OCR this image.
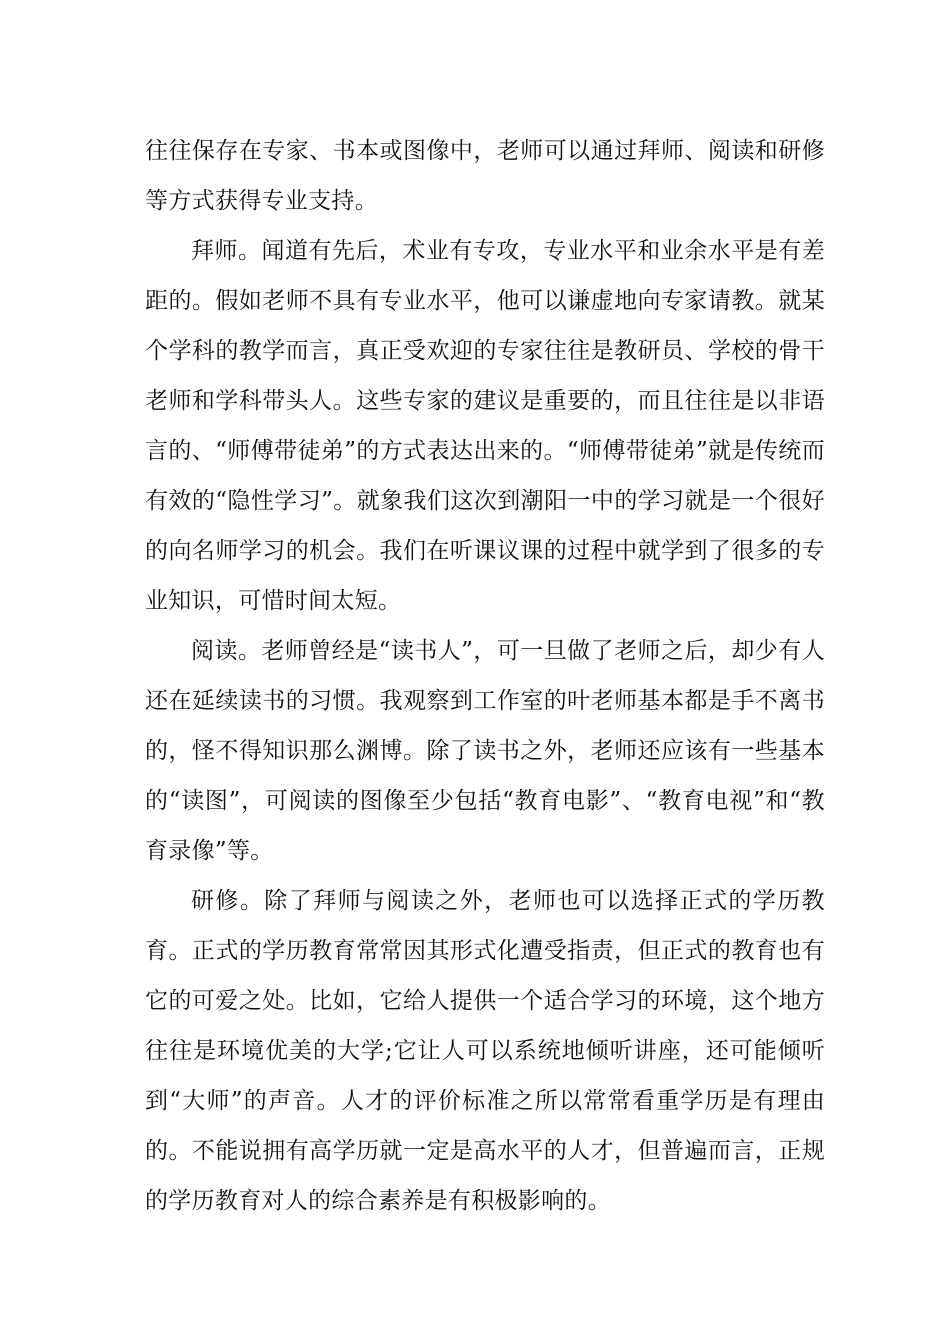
往往保存在专家、书本或图像中，老师可以通过拜师、阅读和研修等方式获得专业支持。

拜师。闻道有先后，术业有专攻，专业水平和业余水平是有差距的。假如老师不具有专业水平，他可以谦虚地向专家请教。就某个学科的教学而言，真正受欢迎的专家往往是教研员、学校的骨干老师和学科带头人。这些专家的建议是重要的，而且往往是以非语言的、“师傅带徒弟”的方式表达出来的。“师傅带徒弟”就是传统而有效的“隐性学习”。就象我们这次到潮阳一中的学习就是一个很好的向名师学习的机会。我们在听课议课的过程中就学到了很多的专业知识，可惜时间太短。

阅读。老师曾经是“读书人”，可一旦做了老师之后，却少有人还在延续读书的习惯。我观察到工作室的叶老师基本都是手不离书的，怪不得知识那么渊博。除了读书之外，老师还应该有一些基本的“读图”，可阅读的图像至少包括“教育电影”、“教育电视”和“教育录像”等。

研修。除了拜师与阅读之外，老师也可以选择正式的学历教育。正式的学历教育常常因其形式化遭受指责，但正式的教育也有它的可爱之处。比如，它给人提供一个适合学习的环境，这个地方往往是环境优美的大学;它让人可以系统地倾听讲座，还可能倾听到“大师”的声音。人才的评价标准之所以常常看重学历是有理由的。不能说拥有高学历就一定是高水平的人才，但普遍而言，正规的学历教育对人的综合素养是有积极影响的。
